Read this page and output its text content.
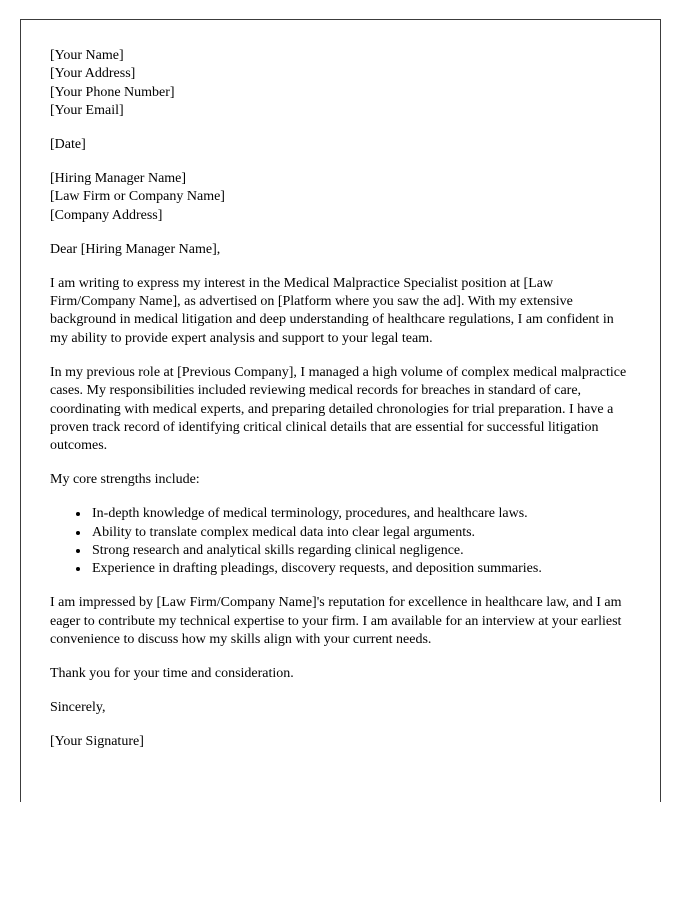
[Your Name]
[Your Address]
[Your Phone Number]
[Your Email]
[Date]
[Hiring Manager Name]
[Law Firm or Company Name]
[Company Address]

Dear [Hiring Manager Name],

I am writing to express my interest in the Medical Malpractice Specialist position at [Law Firm/Company Name], as advertised on [Platform where you saw the ad]. With my extensive background in medical litigation and deep understanding of healthcare regulations, I am confident in my ability to provide expert analysis and support to your legal team.

In my previous role at [Previous Company], I managed a high volume of complex medical malpractice cases. My responsibilities included reviewing medical records for breaches in standard of care, coordinating with medical experts, and preparing detailed chronologies for trial preparation. I have a proven track record of identifying critical clinical details that are essential for successful litigation outcomes.

My core strengths include:

• In-depth knowledge of medical terminology, procedures, and healthcare laws.
• Ability to translate complex medical data into clear legal arguments.
• Strong research and analytical skills regarding clinical negligence.
• Experience in drafting pleadings, discovery requests, and deposition summaries.

I am impressed by [Law Firm/Company Name]'s reputation for excellence in healthcare law, and I am eager to contribute my technical expertise to your firm. I am available for an interview at your earliest convenience to discuss how my skills align with your current needs.

Thank you for your time and consideration.

Sincerely,

[Your Signature]
